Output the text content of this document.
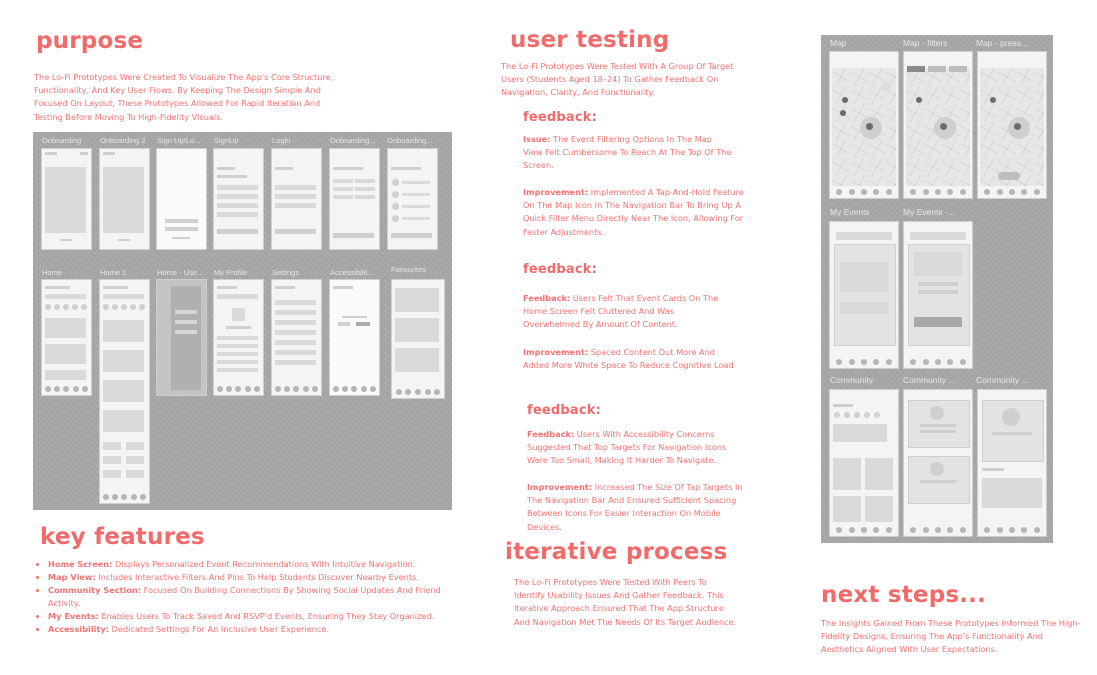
purpose

The Lo-Fi Prototypes Were Created To Visualize The App's Core Structure, Functionality, And Key User Flows. By Keeping The Design Simple And Focused On Layout, These Prototypes Allowed For Rapid Iteration And Testing Before Moving To High-Fidelity Visuals.

Onboarding	Onboarding 2 Sign Up/Lo... SignUp	Login	Onboarding... Onboarding...
Home	Home 2	Home - Use... My Profile	Settings	Accessibilit... Favourites
key features
• Home Screen: Displays Personalized Event Recommendations With Intuitive Navigation.
• Map View: Includes Interactive Filters And Pins To Help Students Discover Nearby Events.
• Community Section: Focused On Building Connections By Showing Social Updates And Friend Activity.
• My Events: Enables Users To Track Saved And RSVP'd Events, Ensuring They Stay Organized.
• Accessibility: Dedicated Settings For An Inclusive User Experience.
user testing

The Lo-Fi Prototypes Were Tested With A Group Of Target Users (Students Aged 18–24) To Gather Feedback On Navigation, Clarity, And Functionality.

feedback:

Issue: The Event Filtering Options In The Map View Felt Cumbersome To Reach At The Top Of The Screen.

Improvement: Implemented A Tap-And-Hold Feature On The Map Icon In The Navigation Bar To Bring Up A Quick Filter Menu Directly Near The Icon, Allowing For Faster Adjustments.

feedback:

Feedback: Users Felt That Event Cards On The Home Screen Felt Cluttered And Was Overwhelmed By Amount Of Content.

Improvement: Spaced Content Out More And Added More White Space To Reduce Cognitive Load

feedback:

Feedback: Users With Accessibility Concerns Suggested That Top Targets For Navigation Icons Were Too Small, Making It Harder To Navigate.

Improvement: Increased The Size Of Tap Targets In The Navigation Bar And Ensured Sufficient Spacing Between Icons For Easier Interaction On Mobile Devices.

iterative process

The Lo-Fi Prototypes Were Tested With Peers To Identify Usability Issues And Gather Feedback. This Iterative Approach Ensured That The App Structure And Navigation Met The Needs Of Its Target Audience.

Map	Map - filters	Map - press...
My Events	My Events -...
Community	Community ... Community ...
next steps...

The Insights Gained From These Prototypes Informed The High-Fidelity Designs, Ensuring The App's Functionality And Aesthetics Aligned With User Expectations.
